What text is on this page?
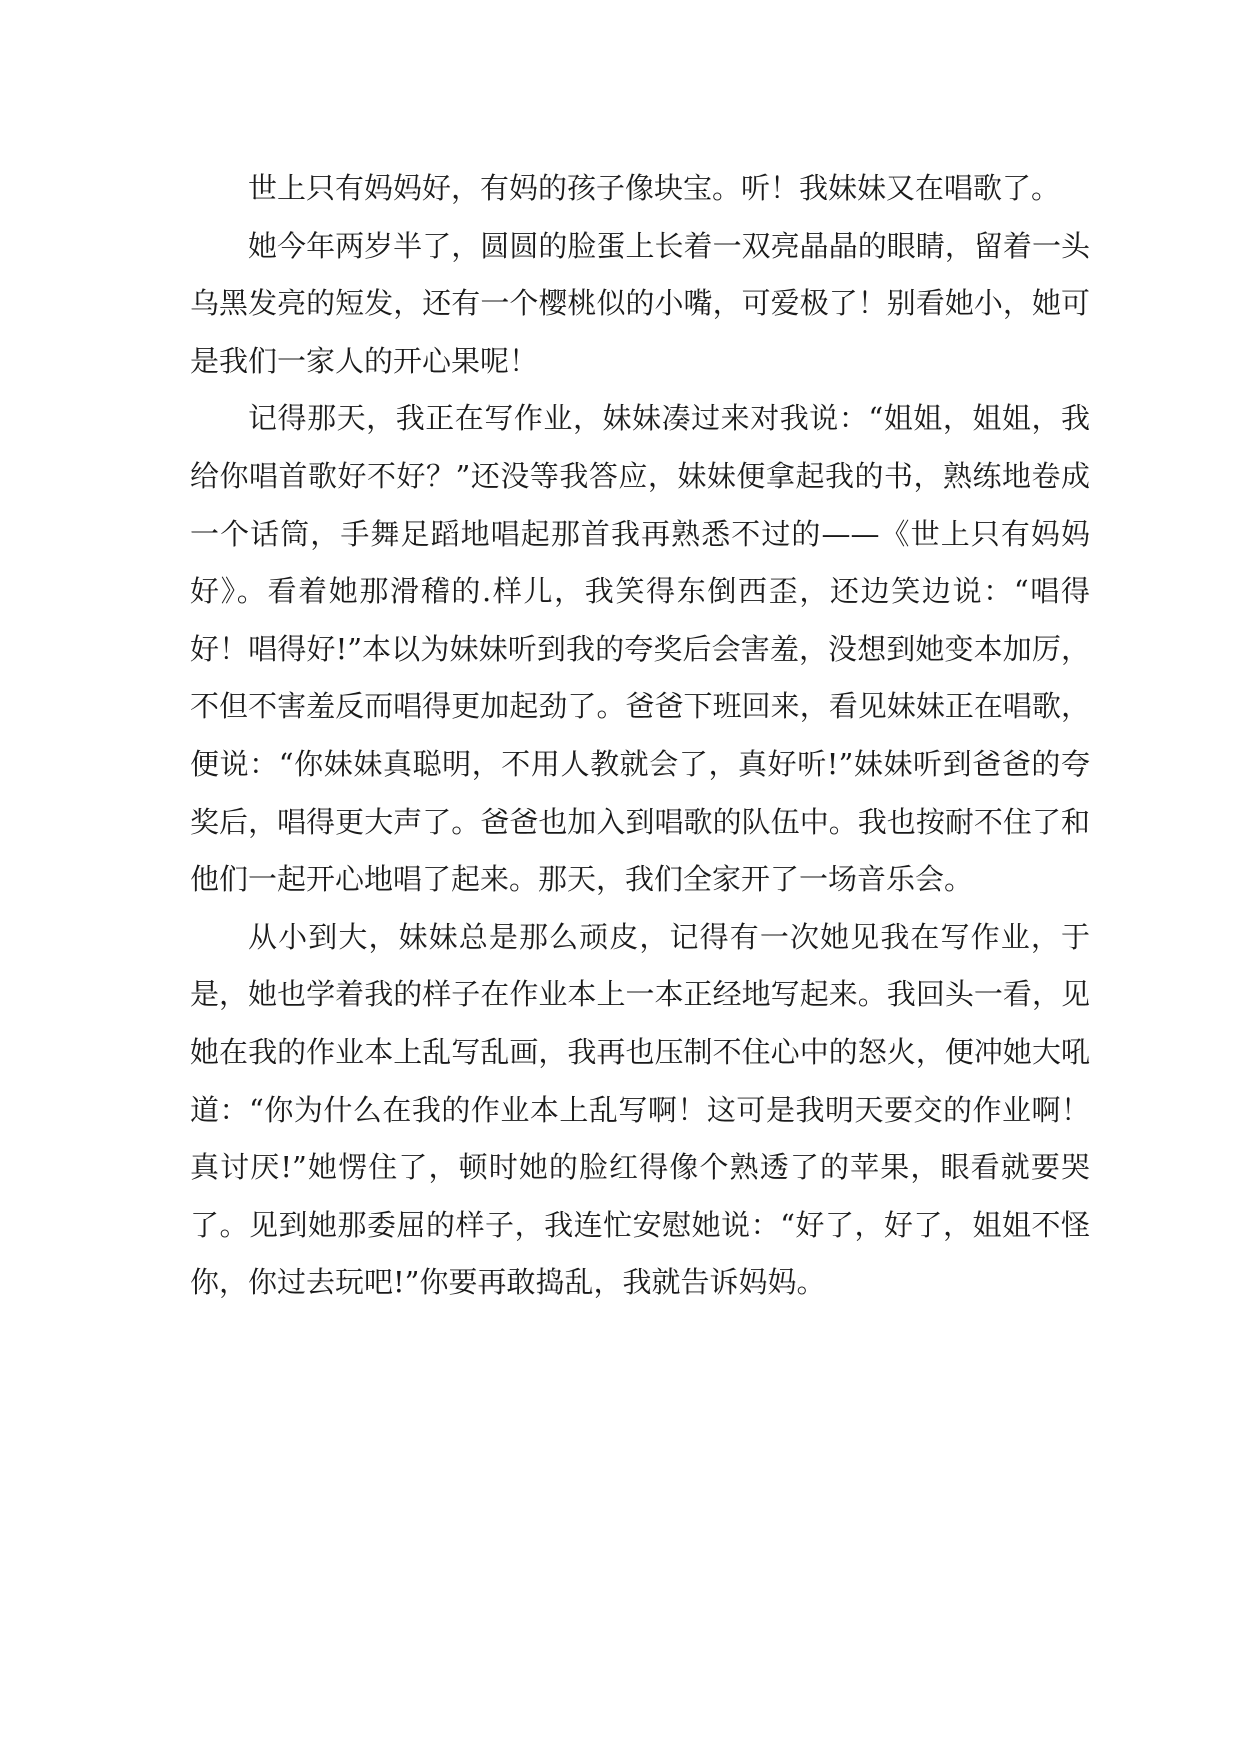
世上只有妈妈好，有妈的孩子像块宝。听！我妹妹又在唱歌了。

她今年两岁半了，圆圆的脸蛋上长着一双亮晶晶的眼睛，留着一头乌黑发亮的短发，还有一个樱桃似的小嘴，可爱极了！别看她小，她可是我们一家人的开心果呢！

记得那天，我正在写作业，妹妹凑过来对我说：“姐姐，姐姐，我给你唱首歌好不好？”还没等我答应，妹妹便拿起我的书，熟练地卷成一个话筒，手舞足蹈地唱起那首我再熟悉不过的——《世上只有妈妈好》。看着她那滑稽的.样儿，我笑得东倒西歪，还边笑边说：“唱得好！唱得好!”本以为妹妹听到我的夸奖后会害羞，没想到她变本加厉，不但不害羞反而唱得更加起劲了。爸爸下班回来，看见妹妹正在唱歌，便说：“你妹妹真聪明，不用人教就会了，真好听!”妹妹听到爸爸的夸奖后，唱得更大声了。爸爸也加入到唱歌的队伍中。我也按耐不住了和他们一起开心地唱了起来。那天，我们全家开了一场音乐会。

从小到大，妹妹总是那么顽皮，记得有一次她见我在写作业，于是，她也学着我的样子在作业本上一本正经地写起来。我回头一看，见她在我的作业本上乱写乱画，我再也压制不住心中的怒火，便冲她大吼道：“你为什么在我的作业本上乱写啊！这可是我明天要交的作业啊！真讨厌!”她愣住了，顿时她的脸红得像个熟透了的苹果，眼看就要哭了。见到她那委屈的样子，我连忙安慰她说：“好了，好了，姐姐不怪你，你过去玩吧!”你要再敢捣乱，我就告诉妈妈。
